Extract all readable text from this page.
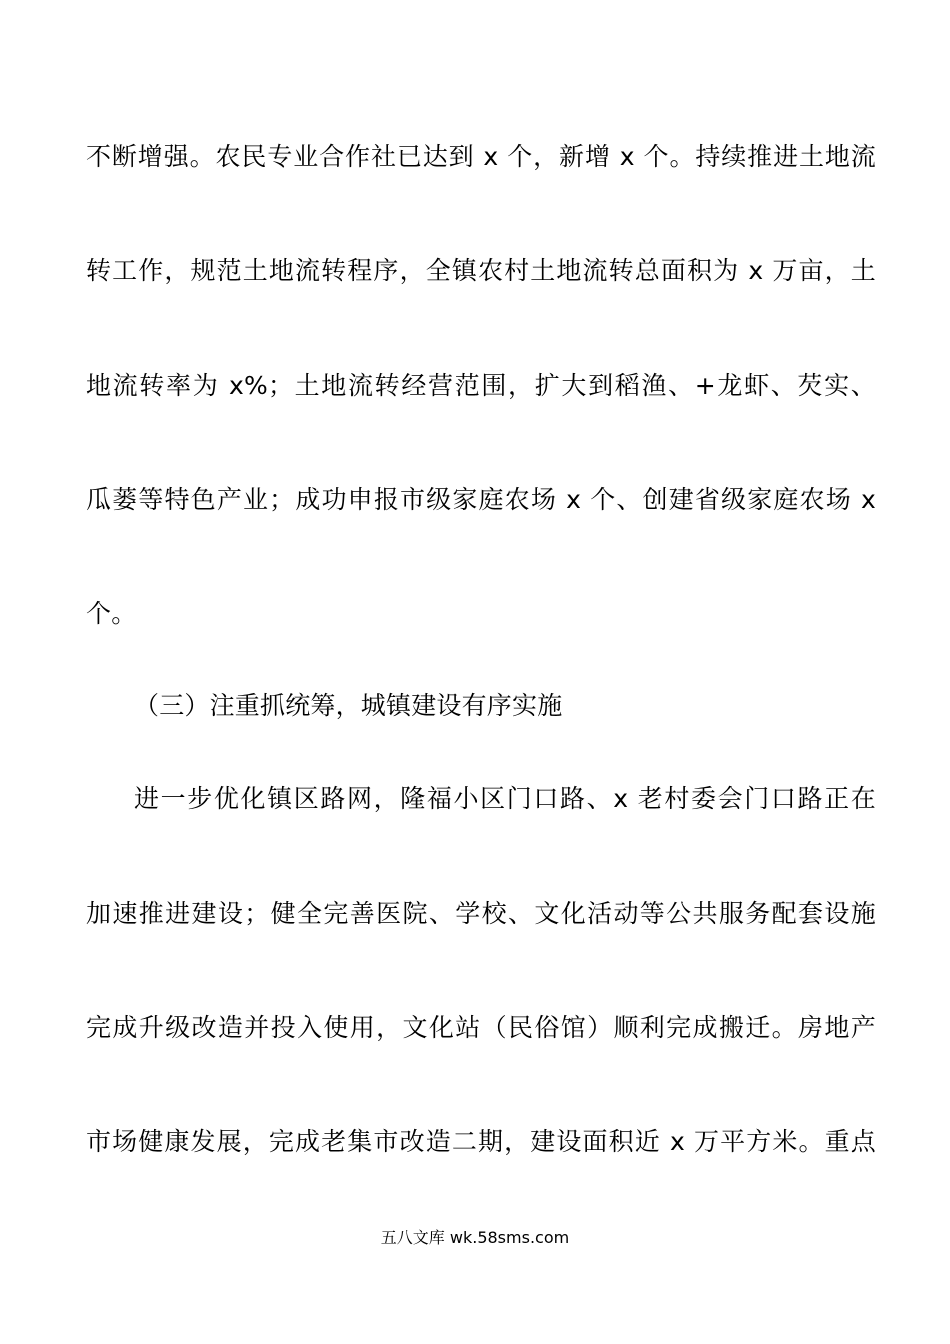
不断增强。农民专业合作社已达到 x 个，新增 x 个。持续推进土地流
转工作，规范土地流转程序，全镇农村土地流转总面积为 x 万亩，土
地流转率为 x%；土地流转经营范围，扩大到稻渔、+龙虾、芡实、
瓜蒌等特色产业；成功申报市级家庭农场 x 个、创建省级家庭农场 x
个。
（三）注重抓统筹，城镇建设有序实施
进一步优化镇区路网，隆福小区门口路、x 老村委会门口路正在
加速推进建设；健全完善医院、学校、文化活动等公共服务配套设施
完成升级改造并投入使用，文化站（民俗馆）顺利完成搬迁。房地产
市场健康发展，完成老集市改造二期，建设面积近 x 万平方米。重点
五八文库 wk.58sms.com
